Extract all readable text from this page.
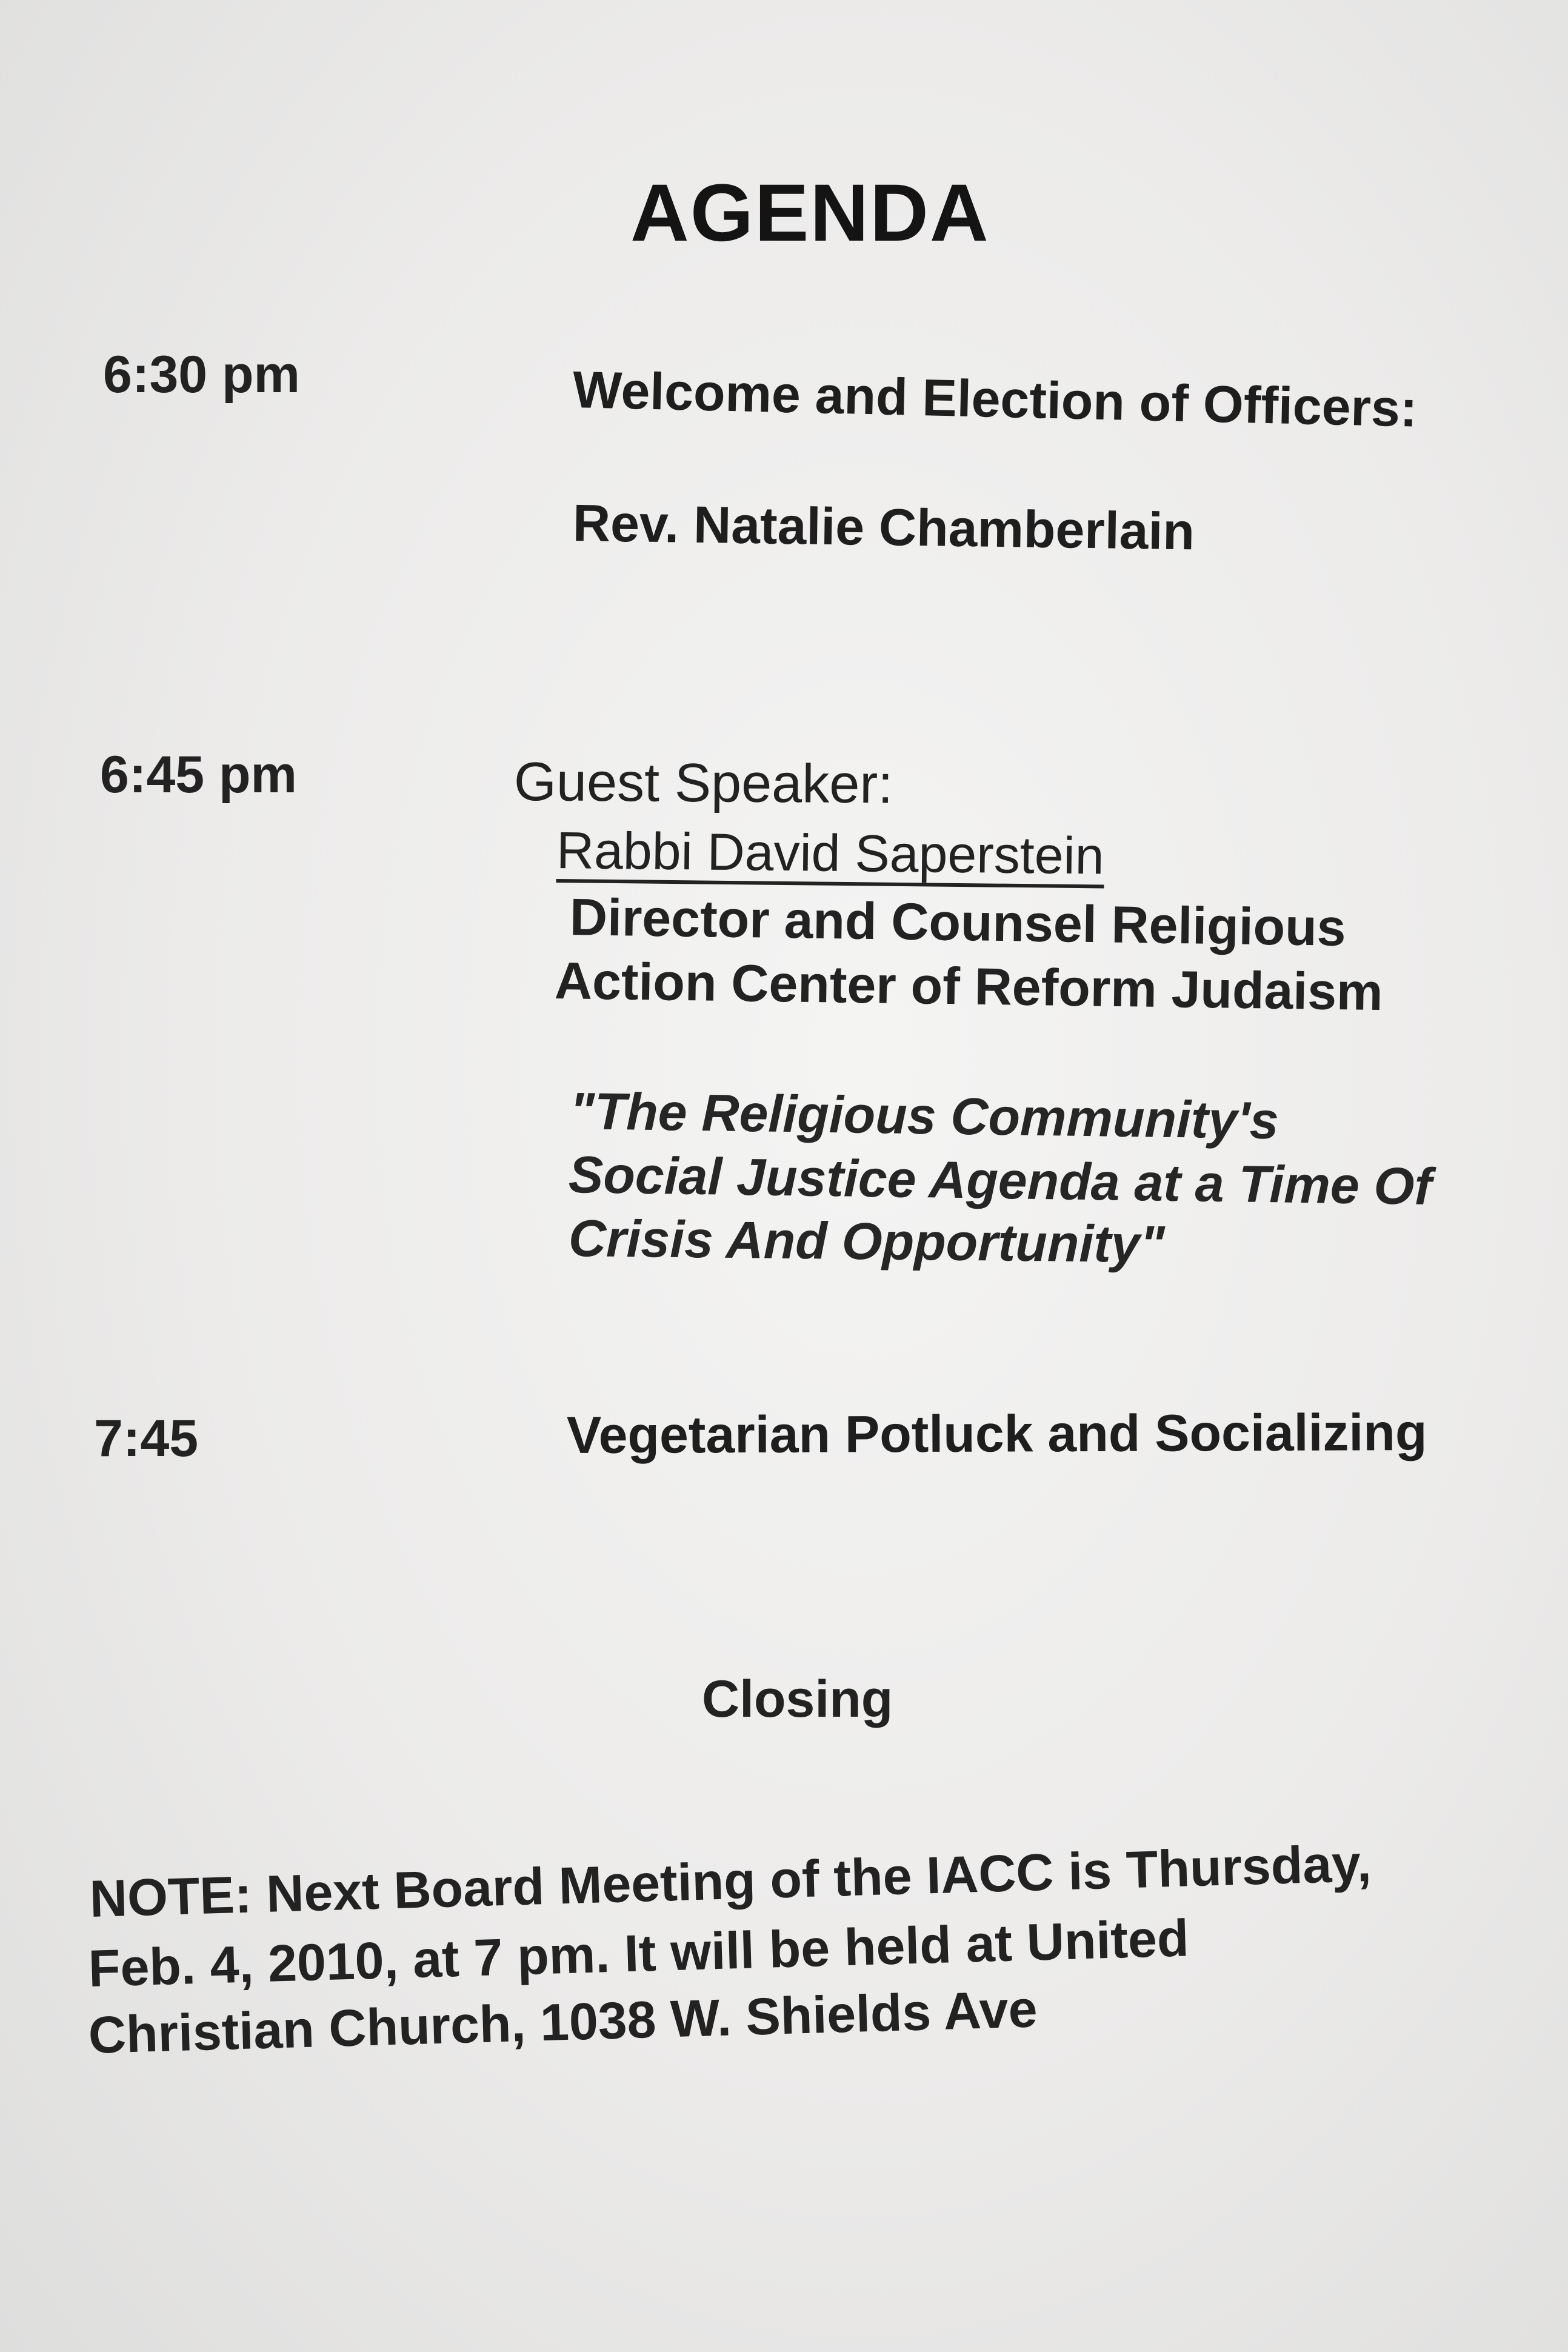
AGENDA
6:30 pm	Welcome and Election of Officers:
Rev. Natalie Chamberlain
6:45 pm	Guest Speaker:
Rabbi David Saperstein
Director and Counsel Religious
Action Center of Reform Judaism
"The Religious Community's
Social Justice Agenda at a Time Of
Crisis And Opportunity"
7:45	Vegetarian Potluck and Socializing
Closing
NOTE: Next Board Meeting of the IACC is Thursday,
Feb. 4, 2010, at 7 pm. It will be held at United
Christian Church, 1038 W. Shields Ave
